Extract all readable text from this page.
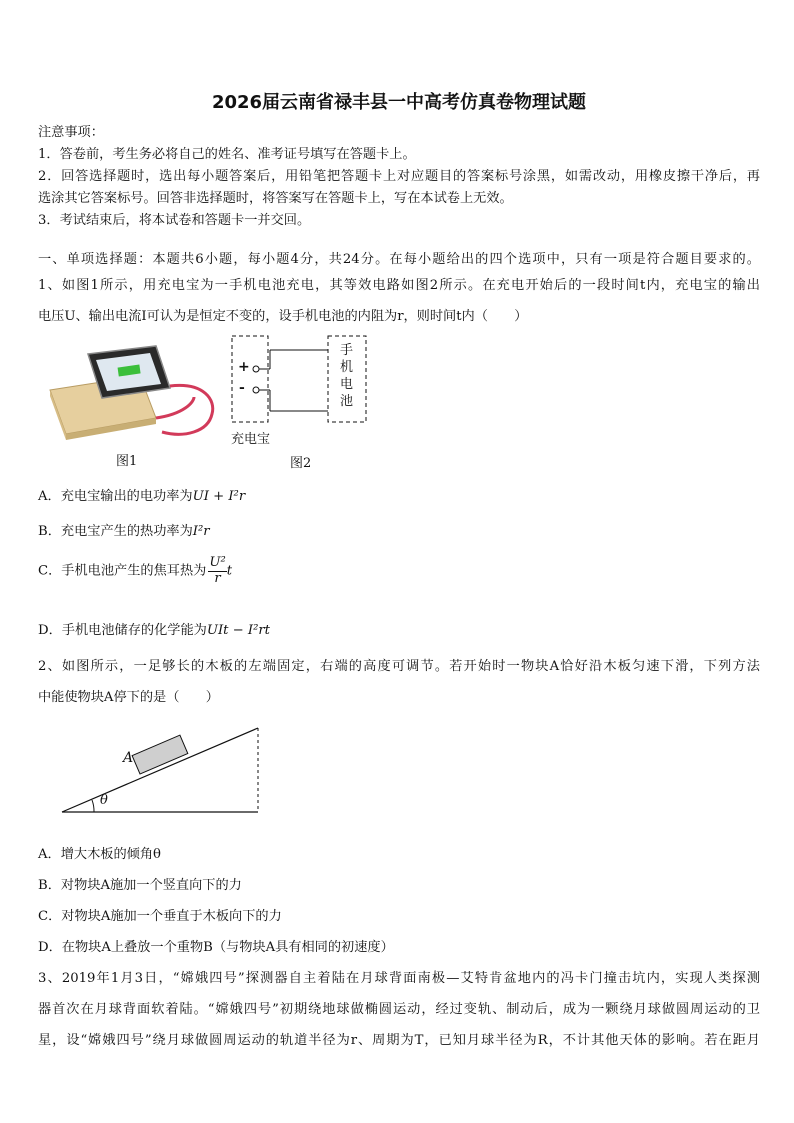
2026届云南省禄丰县一中高考仿真卷物理试题
注意事项：
1．答卷前，考生务必将自己的姓名、准考证号填写在答题卡上。
2．回答选择题时，选出每小题答案后，用铅笔把答题卡上对应题目的答案标号涂黑，如需改动，用橡皮擦干净后，再
选涂其它答案标号。回答非选择题时，将答案写在答题卡上，写在本试卷上无效。
3．考试结束后，将本试卷和答题卡一并交回。
一、单项选择题：本题共6小题，每小题4分，共24分。在每小题给出的四个选项中，只有一项是符合题目要求的。
1、如图1所示，用充电宝为一手机电池充电，其等效电路如图2所示。在充电开始后的一段时间t内，充电宝的输出
电压U、输出电流I可认为是恒定不变的，设手机电池的内阻为r，则时间t内（　　）
图1
+
-
手机电池
充电宝
图2
A．充电宝输出的电功率为UI + I²r
B．充电宝产生的热功率为I²r
C．手机电池产生的焦耳热为 $\frac{\text{U²}}{r}$ t
D．手机电池储存的化学能为UIt − I²rt
2、如图所示，一足够长的木板的左端固定，右端的高度可调节。若开始时一物块A恰好沿木板匀速下滑，下列方法
中能使物块A停下的是（　　）
A
θ
A．增大木板的倾角θ
B．对物块A施加一个竖直向下的力
C．对物块A施加一个垂直于木板向下的力
D．在物块A上叠放一个重物B（与物块A具有相同的初速度）
3、2019年1月3日，“嫦娥四号”探测器自主着陆在月球背面南极—艾特肯盆地内的冯卡门撞击坑内，实现人类探测
器首次在月球背面软着陆。“嫦娥四号”初期绕地球做椭圆运动，经过变轨、制动后，成为一颗绕月球做圆周运动的卫
星，设“嫦娥四号”绕月球做圆周运动的轨道半径为r、周期为T，已知月球半径为R，不计其他天体的影响。若在距月
